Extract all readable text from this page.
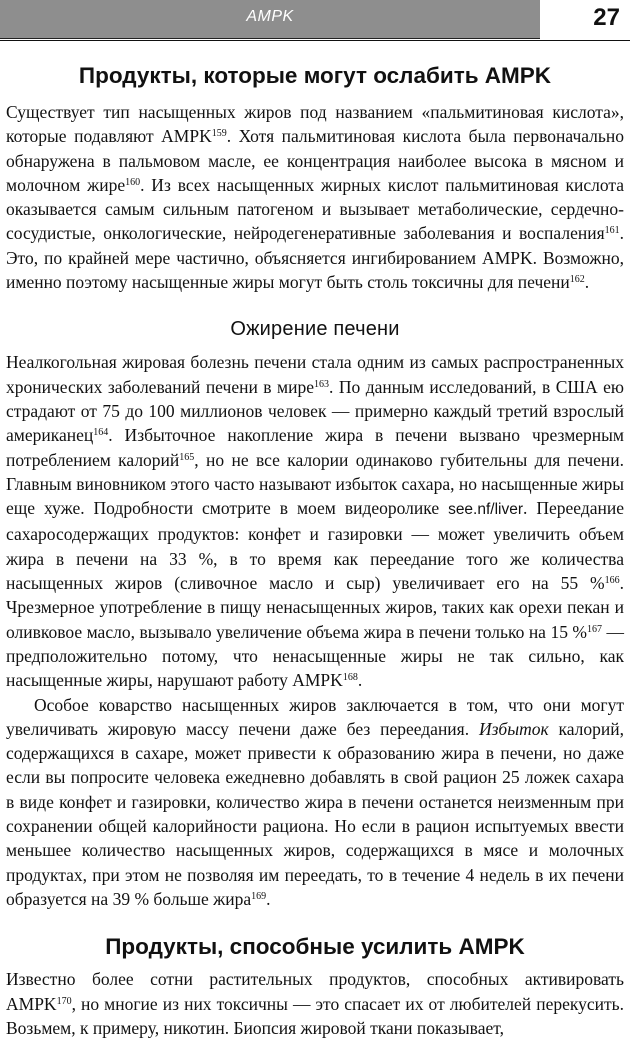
AMPK	27
Продукты, которые могут ослабить AMPK

Существует тип насыщенных жиров под названием «пальмитиновая кислота», которые подавляют AMPK$^{159}$. Хотя пальмитиновая кислота была первоначально обнаружена в пальмовом масле, ее концентрация наиболее высока в мясном и молочном жире$^{160}$. Из всех насыщенных жирных кислот пальмитиновая кислота оказывается самым сильным патогеном и вызывает метаболические, сердечно-сосудистые, онкологические, нейродегенеративные заболевания и воспаления$^{161}$. Это, по крайней мере частично, объясняется ингибированием AMPK. Возможно, именно поэтому насыщенные жиры могут быть столь токсичны для печени$^{162}$.

Ожирение печени

Неалкогольная жировая болезнь печени стала одним из самых распространенных хронических заболеваний печени в мире$^{163}$. По данным исследований, в США ею страдают от 75 до 100 миллионов человек — примерно каждый третий взрослый американец$^{164}$. Избыточное накопление жира в печени вызвано чрезмерным потреблением калорий$^{165}$, но не все калории одинаково губительны для печени. Главным виновником этого часто называют избыток сахара, но насыщенные жиры еще хуже. Подробности смотрите в моем видеоролике see.nf/liver. Переедание сахаросодержащих продуктов: конфет и газировки — может увеличить объем жира в печени на 33 %, в то время как переедание того же количества насыщенных жиров (сливочное масло и сыр) увеличивает его на 55 %$^{166}$. Чрезмерное употребление в пищу ненасыщенных жиров, таких как орехи пекан и оливковое масло, вызывало увеличение объема жира в печени только на 15 %$^{167}$ — предположительно потому, что ненасыщенные жиры не так сильно, как насыщенные жиры, нарушают работу AMPK$^{168}$.

Особое коварство насыщенных жиров заключается в том, что они могут увеличивать жировую массу печени даже без переедания. Избыток калорий, содержащихся в сахаре, может привести к образованию жира в печени, но даже если вы попросите человека ежедневно добавлять в свой рацион 25 ложек сахара в виде конфет и газировки, количество жира в печени останется неизменным при сохранении общей калорийности рациона. Но если в рацион испытуемых ввести меньшее количество насыщенных жиров, содержащихся в мясе и молочных продуктах, при этом не позволяя им переедать, то в течение 4 недель в их печени образуется на 39 % больше жира$^{169}$.

Продукты, способные усилить AMPK

Известно более сотни растительных продуктов, способных активировать AMPK$^{170}$, но многие из них токсичны — это спасает их от любителей перекусить. Возьмем, к примеру, никотин. Биопсия жировой ткани показывает,
